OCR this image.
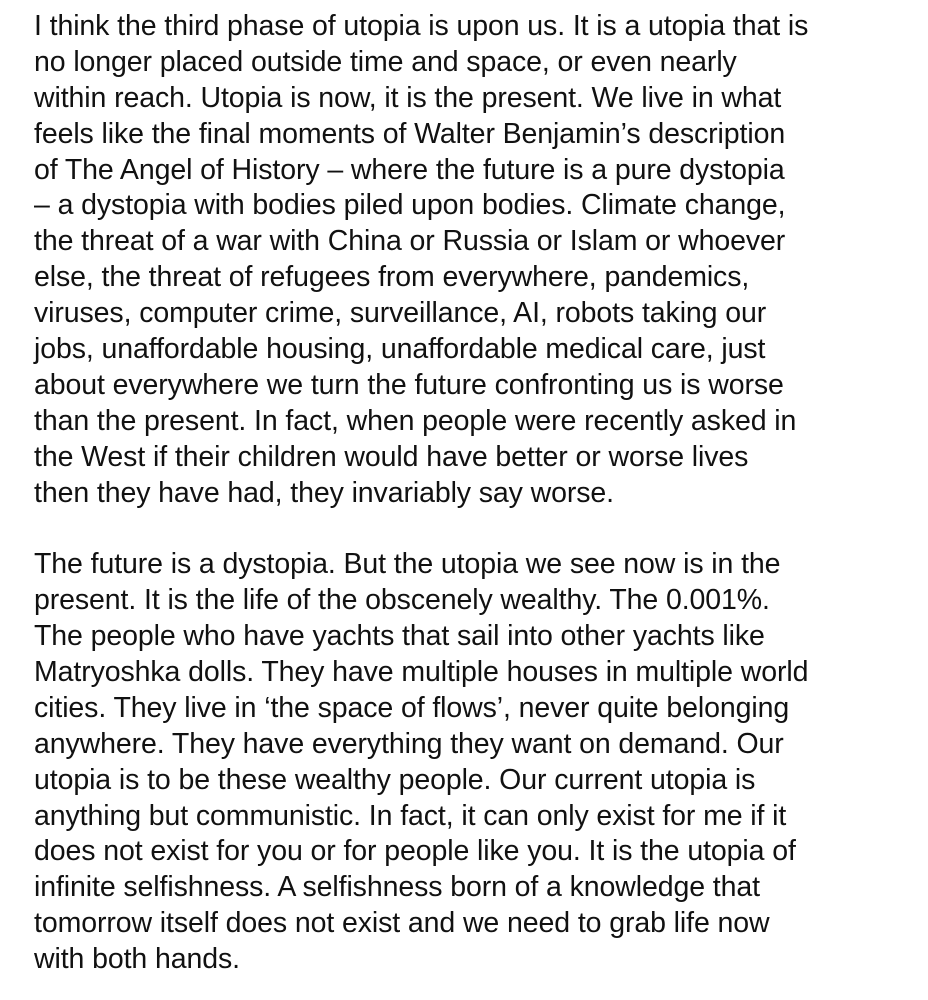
I think the third phase of utopia is upon us. It is a utopia that is
no longer placed outside time and space, or even nearly
within reach. Utopia is now, it is the present. We live in what
feels like the final moments of Walter Benjamin’s description
of The Angel of History – where the future is a pure dystopia
– a dystopia with bodies piled upon bodies. Climate change,
the threat of a war with China or Russia or Islam or whoever
else, the threat of refugees from everywhere, pandemics,
viruses, computer crime, surveillance, AI, robots taking our
jobs, unaffordable housing, unaffordable medical care, just
about everywhere we turn the future confronting us is worse
than the present. In fact, when people were recently asked in
the West if their children would have better or worse lives
then they have had, they invariably say worse.
The future is a dystopia. But the utopia we see now is in the
present. It is the life of the obscenely wealthy. The 0.001%.
The people who have yachts that sail into other yachts like
Matryoshka dolls. They have multiple houses in multiple world
cities. They live in ‘the space of flows’, never quite belonging
anywhere. They have everything they want on demand. Our
utopia is to be these wealthy people. Our current utopia is
anything but communistic. In fact, it can only exist for me if it
does not exist for you or for people like you. It is the utopia of
infinite selfishness. A selfishness born of a knowledge that
tomorrow itself does not exist and we need to grab life now
with both hands.
